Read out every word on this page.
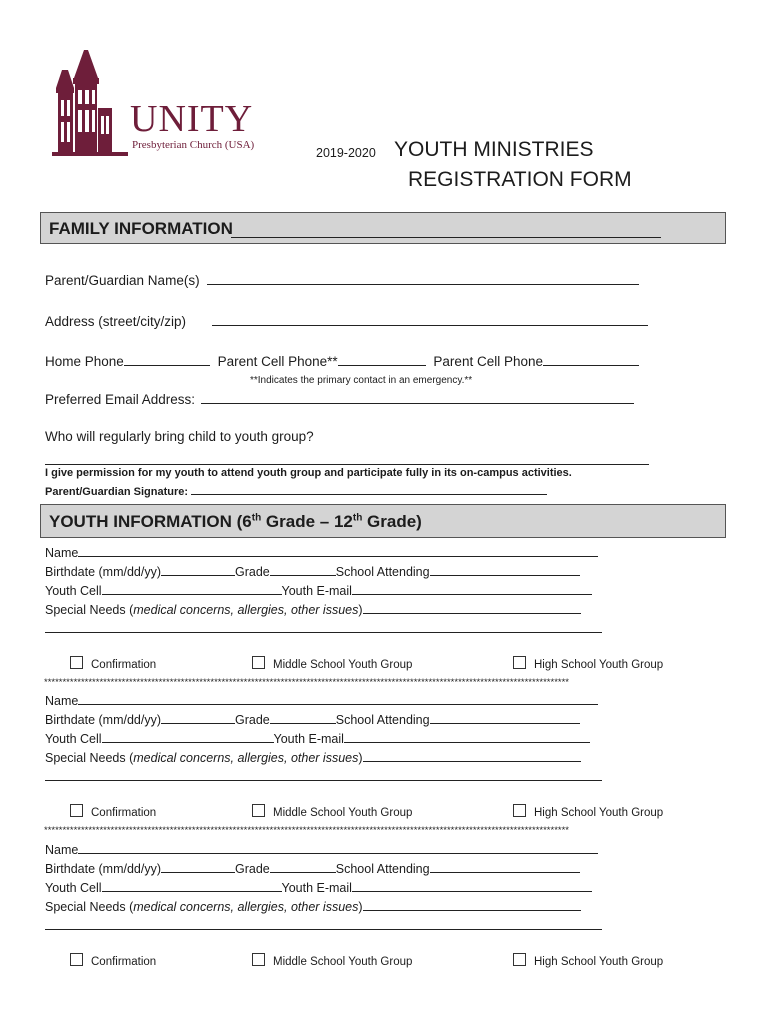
UNITY
Presbyterian Church (USA)
2019-2020 YOUTH MINISTRIES
REGISTRATION FORM
FAMILY INFORMATION
Parent/Guardian Name(s)
Address (street/city/zip)
Home Phone	Parent Cell Phone**	Parent Cell Phone
**Indicates the primary contact in an emergency.**
Preferred Email Address:
Who will regularly bring child to youth group?
I give permission for my youth to attend youth group and participate fully in its on-campus activities.
Parent/Guardian Signature:
YOUTH INFORMATION (6th Grade – 12th Grade)
Name
Birthdate (mm/dd/yy)	Grade	School Attending
Youth Cell	Youth E-mail
Special Needs (medical concerns, allergies, other issues)
Confirmation	Middle School Youth Group	High School Youth Group
**********************************************************************************************************************************************
Name
Birthdate (mm/dd/yy)	Grade	School Attending
Youth Cell	Youth E-mail
Special Needs (medical concerns, allergies, other issues)
Confirmation	Middle School Youth Group	High School Youth Group
**********************************************************************************************************************************************
Name
Birthdate (mm/dd/yy)	Grade	School Attending
Youth Cell	Youth E-mail
Special Needs (medical concerns, allergies, other issues)
Confirmation	Middle School Youth Group	High School Youth Group
